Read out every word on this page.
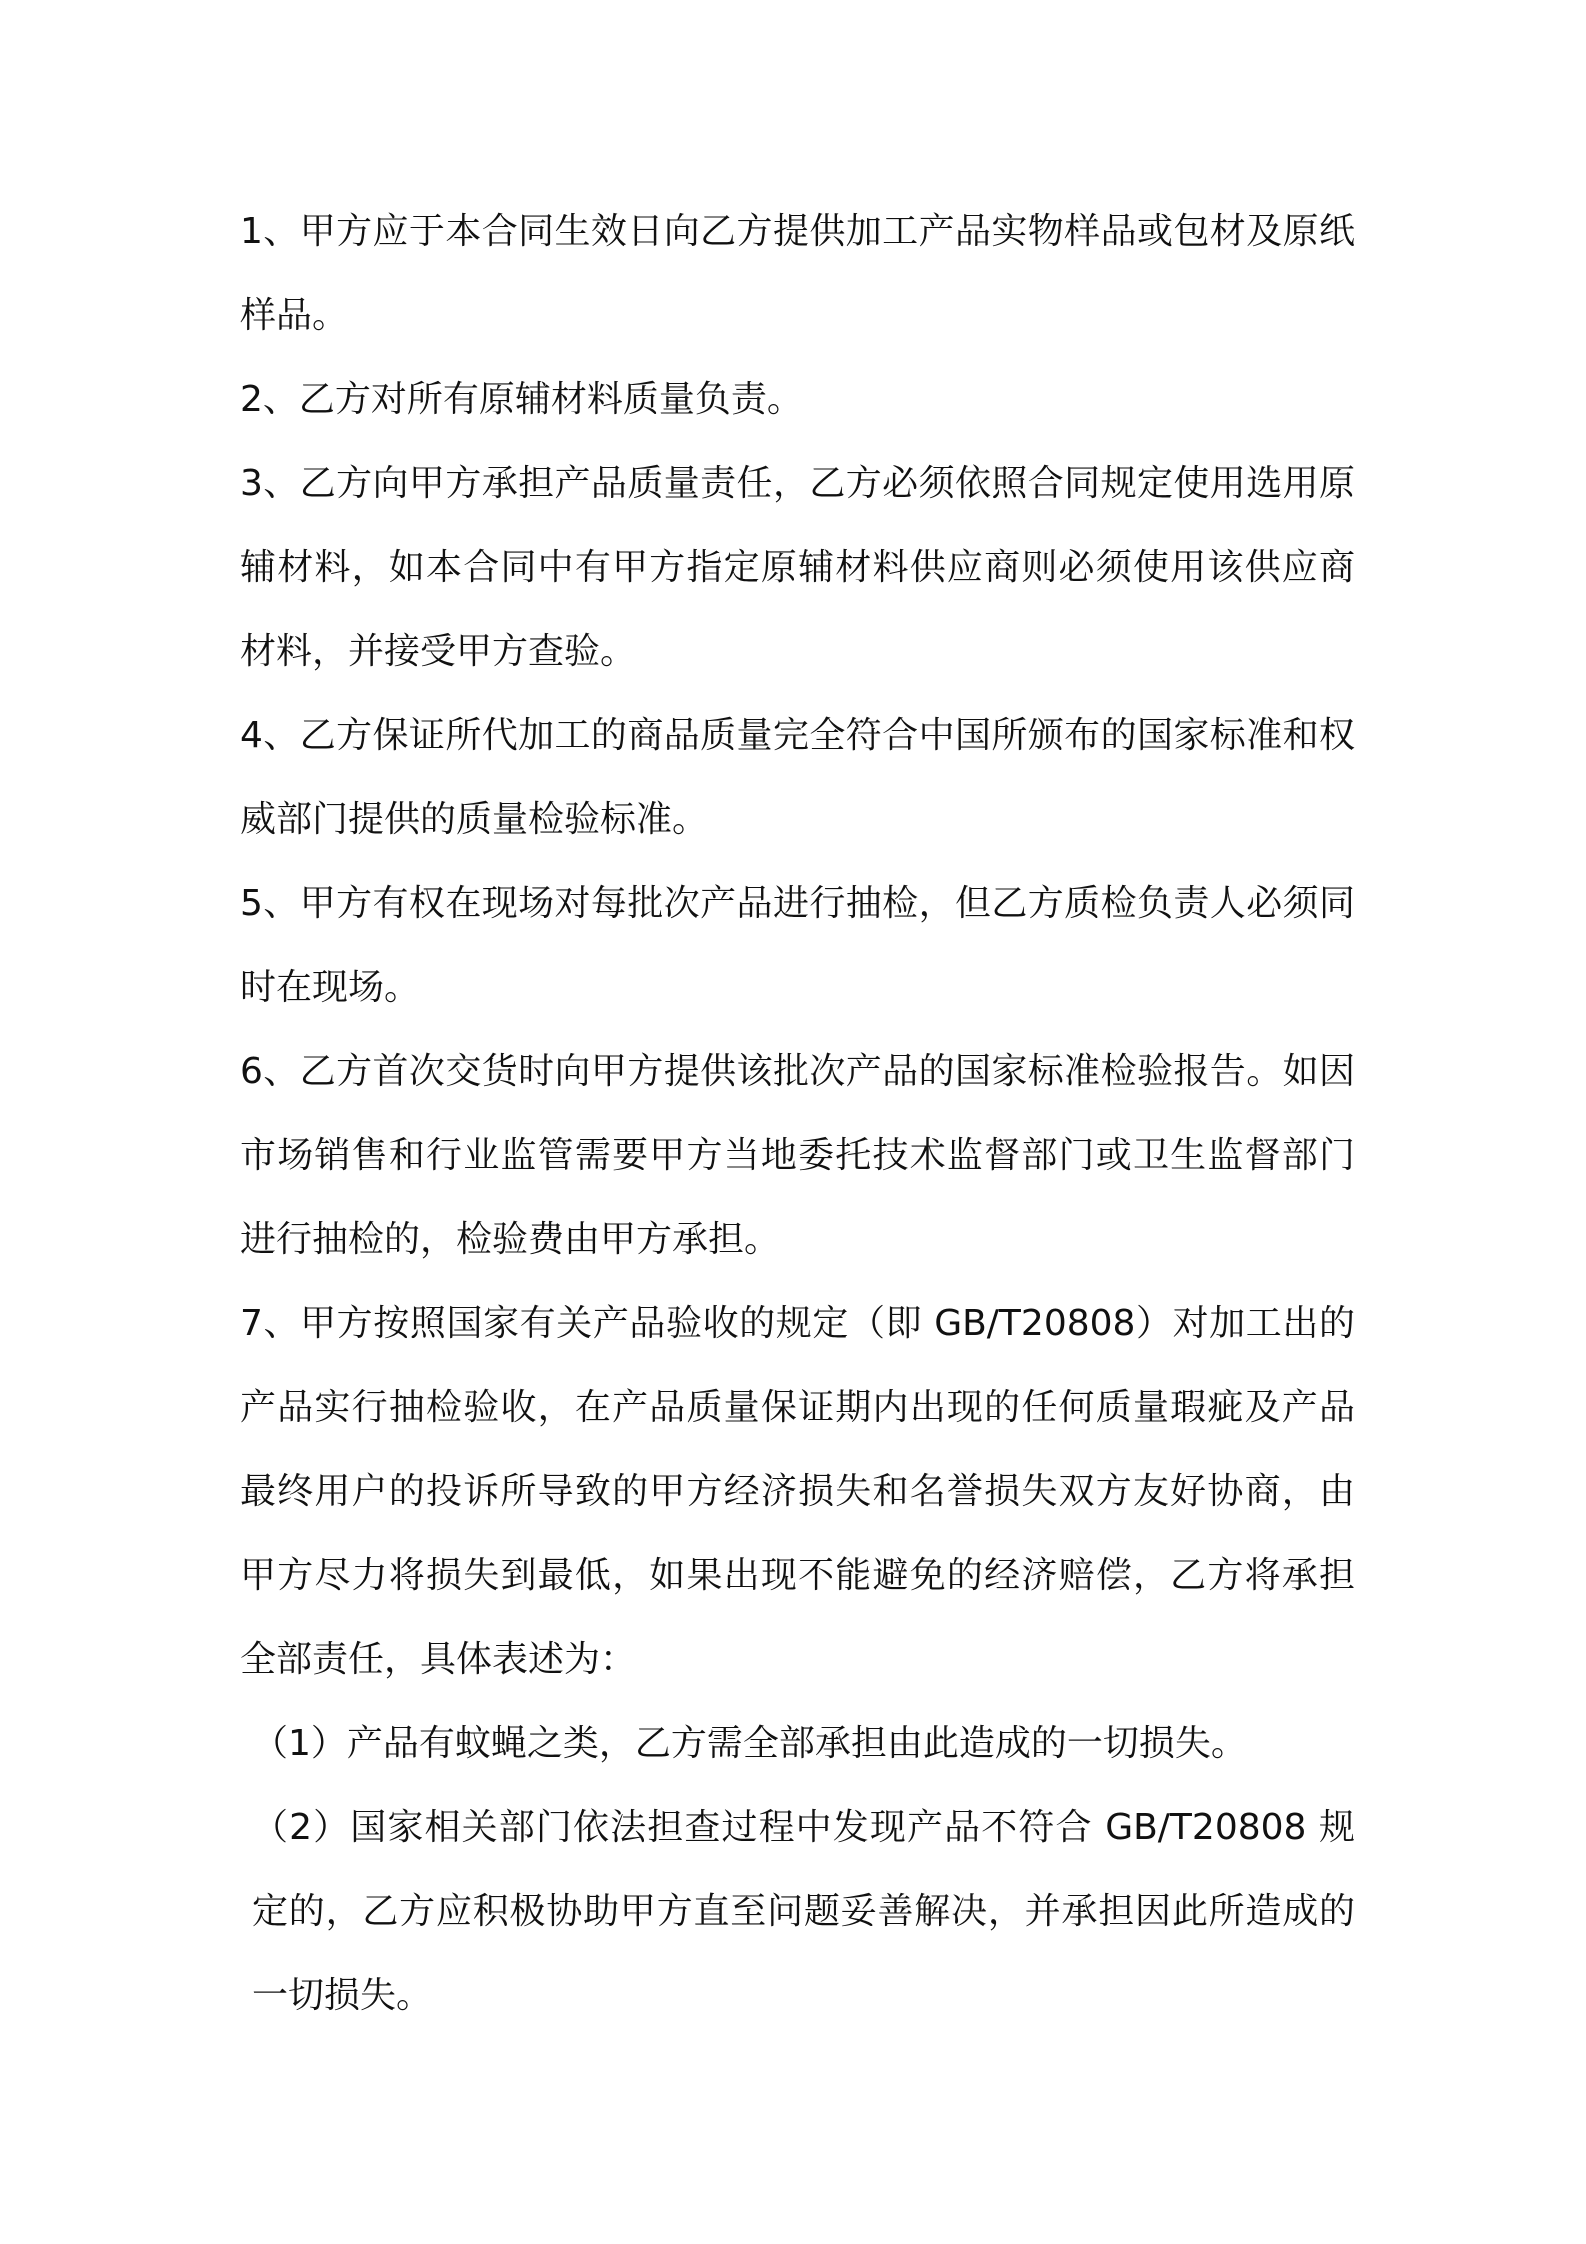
1、甲方应于本合同生效日向乙方提供加工产品实物样品或包材及原纸样品。

2、乙方对所有原辅材料质量负责。

3、乙方向甲方承担产品质量责任，乙方必须依照合同规定使用选用原辅材料，如本合同中有甲方指定原辅材料供应商则必须使用该供应商材料，并接受甲方查验。

4、乙方保证所代加工的商品质量完全符合中国所颁布的国家标准和权威部门提供的质量检验标准。

5、甲方有权在现场对每批次产品进行抽检，但乙方质检负责人必须同时在现场。

6、乙方首次交货时向甲方提供该批次产品的国家标准检验报告。如因市场销售和行业监管需要甲方当地委托技术监督部门或卫生监督部门进行抽检的，检验费由甲方承担。

7、甲方按照国家有关产品验收的规定（即 GB/T20808）对加工出的产品实行抽检验收，在产品质量保证期内出现的任何质量瑕疵及产品最终用户的投诉所导致的甲方经济损失和名誉损失双方友好协商，由甲方尽力将损失到最低，如果出现不能避免的经济赔偿，乙方将承担全部责任，具体表述为：

（1）产品有蚊蝇之类，乙方需全部承担由此造成的一切损失。

（2）国家相关部门依法担查过程中发现产品不符合 GB/T20808 规定的，乙方应积极协助甲方直至问题妥善解决，并承担因此所造成的一切损失。
